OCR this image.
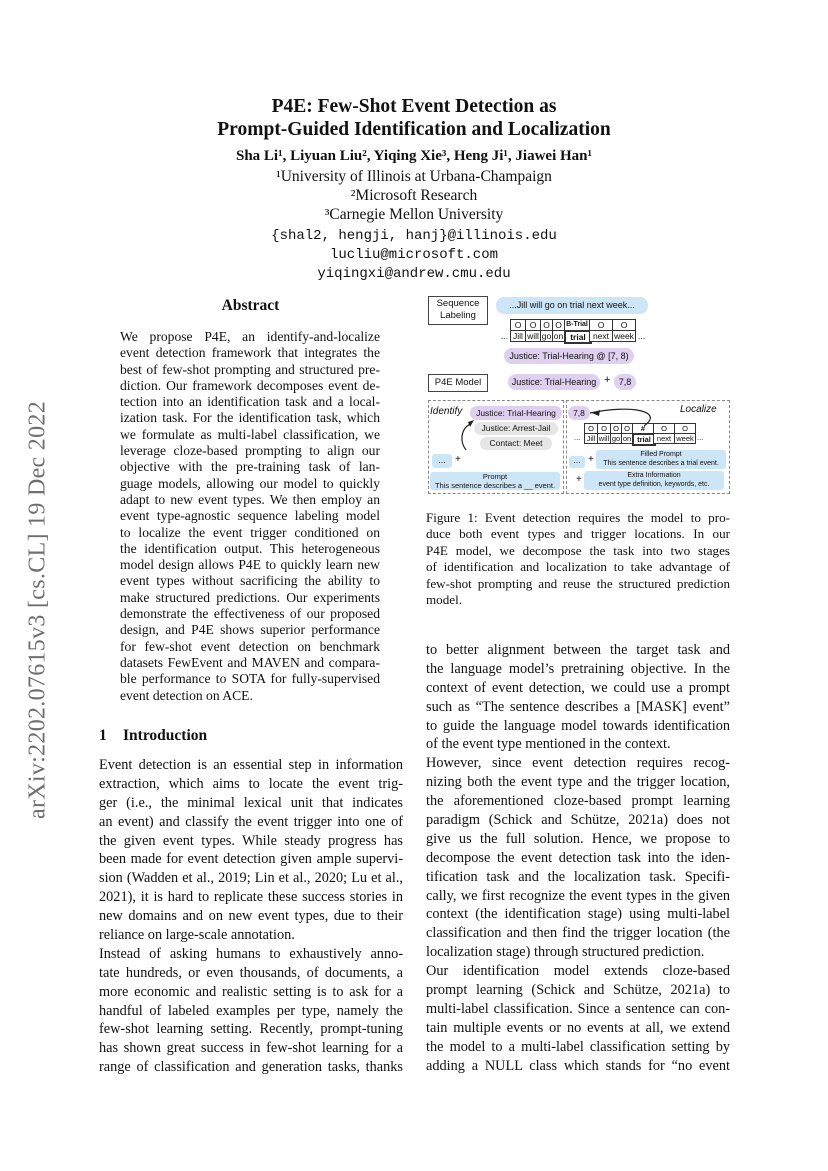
arXiv:2202.07615v3 [cs.CL] 19 Dec 2022
P4E: Few-Shot Event Detection as
Prompt-Guided Identification and Localization
Sha Li¹, Liyuan Liu², Yiqing Xie³, Heng Ji¹, Jiawei Han¹
¹University of Illinois at Urbana-Champaign
²Microsoft Research
³Carnegie Mellon University
{shal2, hengji, hanj}@illinois.edu
lucliu@microsoft.com
yiqingxi@andrew.cmu.edu
Abstract
We propose P4E, an identify-and-localize
event detection framework that integrates the
best of few-shot prompting and structured pre-
diction. Our framework decomposes event de-
tection into an identification task and a local-
ization task. For the identification task, which
we formulate as multi-label classification, we
leverage cloze-based prompting to align our
objective with the pre-training task of lan-
guage models, allowing our model to quickly
adapt to new event types. We then employ an
event type-agnostic sequence labeling model
to localize the event trigger conditioned on
the identification output. This heterogeneous
model design allows P4E to quickly learn new
event types without sacrificing the ability to
make structured predictions. Our experiments
demonstrate the effectiveness of our proposed
design, and P4E shows superior performance
for few-shot event detection on benchmark
datasets FewEvent and MAVEN and compara-
ble performance to SOTA for fully-supervised
event detection on ACE.
1 Introduction
Event detection is an essential step in information
extraction, which aims to locate the event trig-
ger (i.e., the minimal lexical unit that indicates
an event) and classify the event trigger into one of
the given event types. While steady progress has
been made for event detection given ample supervi-
sion (Wadden et al., 2019; Lin et al., 2020; Lu et al.,
2021), it is hard to replicate these success stories in
new domains and on new event types, due to their
reliance on large-scale annotation.
Instead of asking humans to exhaustively anno-
tate hundreds, or even thousands, of documents, a
more economic and realistic setting is to ask for a
handful of labeled examples per type, namely the
few-shot learning setting. Recently, prompt-tuning
has shown great success in few-shot learning for a
range of classification and generation tasks, thanks
Sequence Labeling
...Jill will go on trial next week...
O O O O B-Trial	O	O
... Jill will go on trial next week ...
Justice: Trial-Hearing @ [7, 8)
P4E Model	Justice: Trial-Hearing + 7,8
Identify	Localize
Justice: Trial-Hearing
Justice: Arrest-Jail
Contact: Meet
7,8
... +
Prompt
This sentence describes a __ event.
O O O O	#	O	O
... Jill will go on trial next week ...
... +	Filled Prompt
This sentence describes a trial event.
+	Extra Information
event type definition, keywords, etc.
Figure 1: Event detection requires the model to pro-
duce both event types and trigger locations. In our
P4E model, we decompose the task into two stages
of identification and localization to take advantage of
few-shot prompting and reuse the structured prediction
model.
to better alignment between the target task and
the language model’s pretraining objective. In the
context of event detection, we could use a prompt
such as “The sentence describes a [MASK] event”
to guide the language model towards identification
of the event type mentioned in the context.
However, since event detection requires recog-
nizing both the event type and the trigger location,
the aforementioned cloze-based prompt learning
paradigm (Schick and Schütze, 2021a) does not
give us the full solution. Hence, we propose to
decompose the event detection task into the iden-
tification task and the localization task. Specifi-
cally, we first recognize the event types in the given
context (the identification stage) using multi-label
classification and then find the trigger location (the
localization stage) through structured prediction.
Our identification model extends cloze-based
prompt learning (Schick and Schütze, 2021a) to
multi-label classification. Since a sentence can con-
tain multiple events or no events at all, we extend
the model to a multi-label classification setting by
adding a NULL class which stands for “no event
